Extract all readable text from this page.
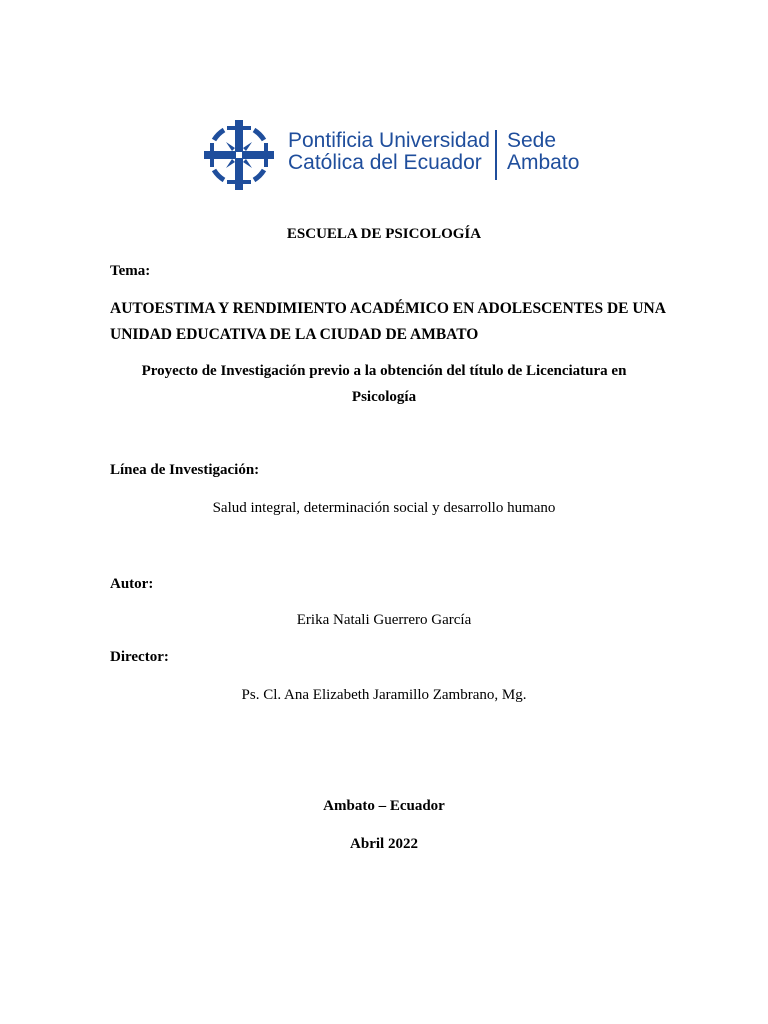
Pontificia Universidad
Católica del Ecuador
Sede
Ambato
ESCUELA DE PSICOLOGÍA
Tema:
AUTOESTIMA Y RENDIMIENTO ACADÉMICO EN ADOLESCENTES DE UNA
UNIDAD EDUCATIVA DE LA CIUDAD DE AMBATO
Proyecto de Investigación previo a la obtención del título de Licenciatura en
Psicología
Línea de Investigación:
Salud integral, determinación social y desarrollo humano
Autor:
Erika Natali Guerrero García
Director:
Ps. Cl. Ana Elizabeth Jaramillo Zambrano, Mg.
Ambato – Ecuador
Abril 2022
